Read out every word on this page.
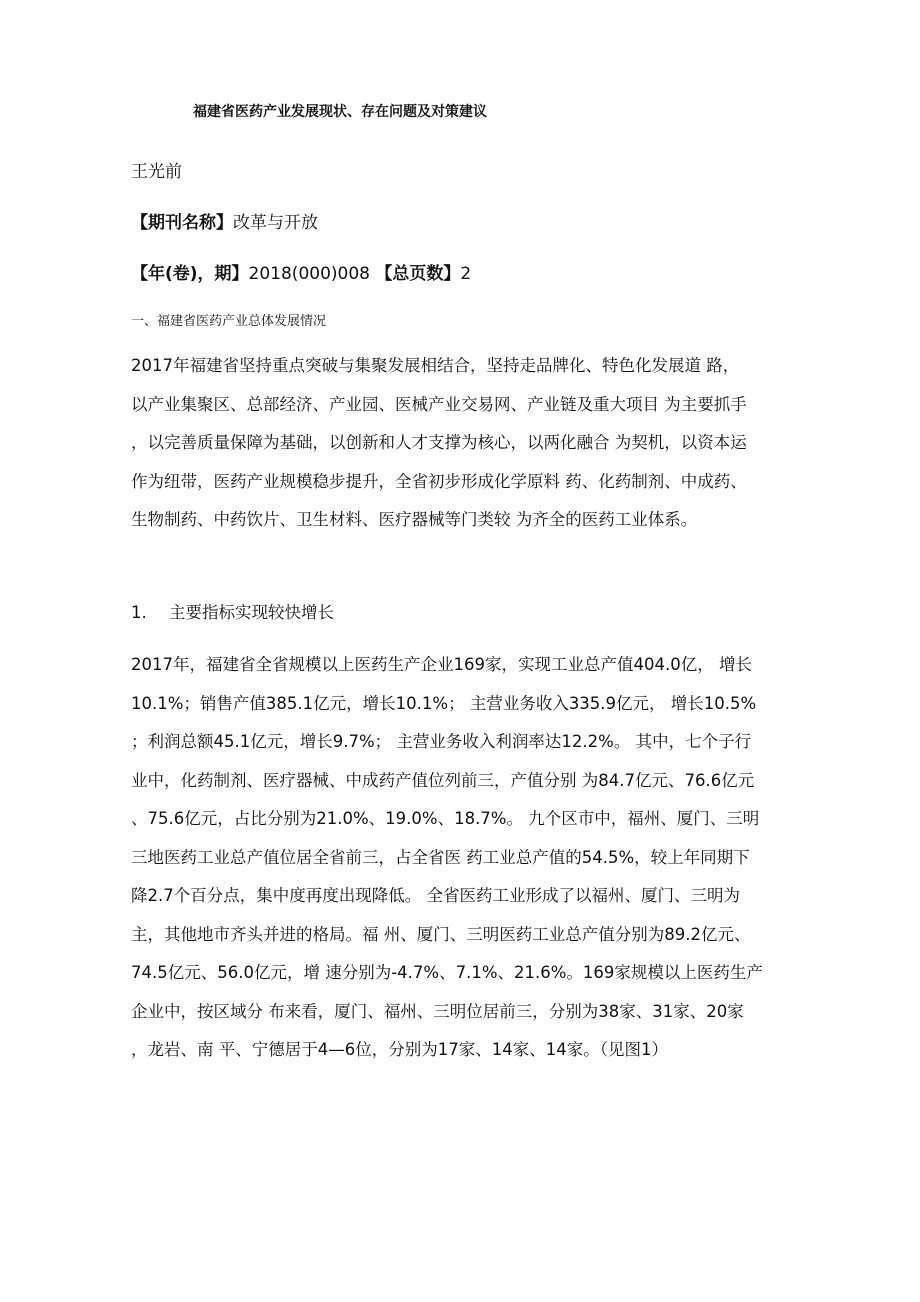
福建省医药产业发展现状、存在问题及对策建议
王光前
【期刊名称】改革与开放
【年(卷)，期】2018(000)008 【总页数】2
一、福建省医药产业总体发展情况
2017年福建省坚持重点突破与集聚发展相结合，坚持走品牌化、特色化发展道 路，
以产业集聚区、总部经济、产业园、医械产业交易网、产业链及重大项目 为主要抓手
，以完善质量保障为基础，以创新和人才支撑为核心，以两化融合 为契机，以资本运
作为纽带，医药产业规模稳步提升，全省初步形成化学原料 药、化药制剂、中成药、
生物制药、中药饮片、卫生材料、医疗器械等门类较 为齐全的医药工业体系。
1. 主要指标实现较快增长
2017年，福建省全省规模以上医药生产企业169家，实现工业总产值404.0亿， 增长
10.1%；销售产值385.1亿元，增长10.1%； 主营业务收入335.9亿元， 增长10.5%
；利润总额45.1亿元，增长9.7%； 主营业务收入利润率达12.2%。 其中，七个子行
业中，化药制剂、医疗器械、中成药产值位列前三，产值分别 为84.7亿元、76.6亿元
、75.6亿元，占比分别为21.0%、19.0%、18.7%。 九个区市中，福州、厦门、三明
三地医药工业总产值位居全省前三，占全省医 药工业总产值的54.5%，较上年同期下
降2.7个百分点，集中度再度出现降低。 全省医药工业形成了以福州、厦门、三明为
主，其他地市齐头并进的格局。福 州、厦门、三明医药工业总产值分别为89.2亿元、
74.5亿元、56.0亿元，增 速分别为-4.7%、7.1%、21.6%。169家规模以上医药生产
企业中，按区域分 布来看，厦门、福州、三明位居前三，分别为38家、31家、20家
，龙岩、南 平、宁德居于4—6位，分别为17家、14家、14家。（见图1）
